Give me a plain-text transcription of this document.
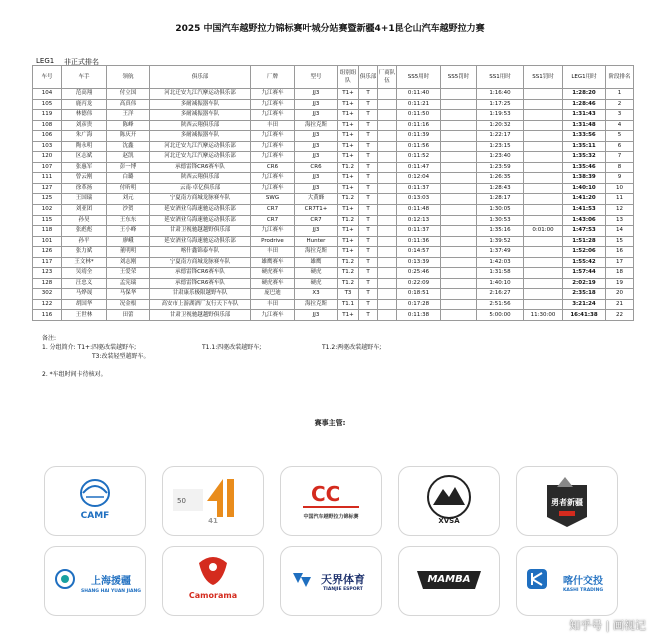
2025 中国汽车越野拉力锦标赛叶城分站赛暨新疆4+1昆仑山汽车越野拉力赛
LEG1 非正式排名
车号	车手	领航	俱乐部	厂牌	型号	组别组队	俱乐部	厂商队伍	SS5用时	SS5罚时	SS1用时	SS1罚时	LEG1用时	阶段排名
104	范高翔	付立国	河北迁安九江汽摩运动俱乐部	九江赛车	JJ3	T1+	T		0:11:40		1:16:40		1:28:20	1
105	鹿丙龙	高真伟	多耐减振器车队	九江赛车	JJ3	T1+	T		0:11:21		1:17:25		1:28:46	2
119	林德伟	王洋	多耐减振器车队	九江赛车	JJ3	T1+	T		0:11:50		1:19:53		1:31:43	3
108	刘彦贵	陈峰	陕西云翔俱乐部	丰田	海拉克斯	T1+	T		0:11:16		1:20:32		1:31:48	4
106	朱广海	陈庆开	多耐减振器车队	九江赛车	JJ3	T1+	T		0:11:39		1:22:17		1:33:56	5
103	陶永明	沈鑫	河北迁安九江汽摩运动俱乐部	九江赛车	JJ3	T1+	T		0:11:56		1:23:15		1:35:11	6
120	区志斌	赵凯	河北迁安九江汽摩运动俱乐部	九江赛车	JJ3	T1+	T		0:11:52		1:23:40		1:35:32	7
107	张惠军	彭一博	承德雷锋CR6赛车队	CR6	CR6	T1.2	T		0:11:47		1:23:59		1:35:46	8
111	曾云刚	白璐	陕西云翔俱乐部	九江赛车	JJ3	T1+	T		0:12:04		1:26:35		1:38:39	9
127	徐革扬	付昕明	云南·卓亿俱乐部	九江赛车	JJ3	T1+	T		0:11:37		1:28:43		1:40:10	10
125	王国瑞	刘元	宁夏南方商城龙脉赛车队	SWG	大黄蜂	T1.2	T		0:13:03		1:28:17		1:41:20	11
102	刘亚团	沙贺	延安酒业乌海速驰运动俱乐部	CR7	CR7T1+	T1+	T		0:11:48		1:30:05		1:41:53	12
115	孙昊	王东东	延安酒业乌海速驰运动俱乐部	CR7	CR7	T1.2	T		0:12:13		1:30:53		1:43:06	13
118	张彪彪	王小峰	甘肃卫视驰越越野俱乐部	九江赛车	JJ3	T1+	T		0:11:37		1:35:16	0:01:00	1:47:53	14
101	孙平	廖峨	延安酒业乌海速驰运动俱乐部	Prodrive	Hunter	T1+	T		0:11:36		1:39:52		1:51:28	15
126	张力斌	董明明	喀什鑫锦泰车队	丰田	海拉克斯	T1+	T		0:14:57		1:37:49		1:52:06	16
117	王文林*	刘志刚	宁夏南方商城龙脉赛车队	雄鹰赛车	雄鹰	T1.2	T		0:13:39		1:42:03		1:55:42	17
123	吴靖全	王爱荣	承德雷锋CR6赛车队	硬虎赛车	硬虎	T1.2	T		0:25:46		1:31:58		1:57:44	18
128	汪忠义	孟宪瑞	承德雷锋CR6赛车队	硬虎赛车	硬虎	T1.2	T		0:22:09		1:40:10		2:02:19	19
302	马烨晟	马保华	甘肃康乐极限越野车队	庞巴迪	X3	T3	T		0:18:51		2:16:27		2:35:18	20
122	胡国华	况金根	高安市上游湖酒厂友行天下车队	丰田	海拉克斯	T1.1	T		0:17:28		2:51:56		3:21:24	21
116	王世林	田蕾	甘肃卫视驰越越野俱乐部	九江赛车	JJ3	T1+	T		0:11:38		5:00:00	11:30:00	16:41:38	22
备注:
1. 分组简介: T1+:四驱改装越野车;	T1.1:四驱改装越野车;	T1.2:两驱改装越野车;
T3:改装轻型越野车。
2. *车组时间卡待核对。
赛事主管:
CAMF
50
41
CC
中国汽车越野拉力锦标赛	XVSA
勇者新疆
上海援疆
SHANG HAI YUAN JIANG	Camorama
天界体育
TIANJIE ESPORT
MAMBA	喀什交投
KASHI TRADING
知乎号 | 画视记
